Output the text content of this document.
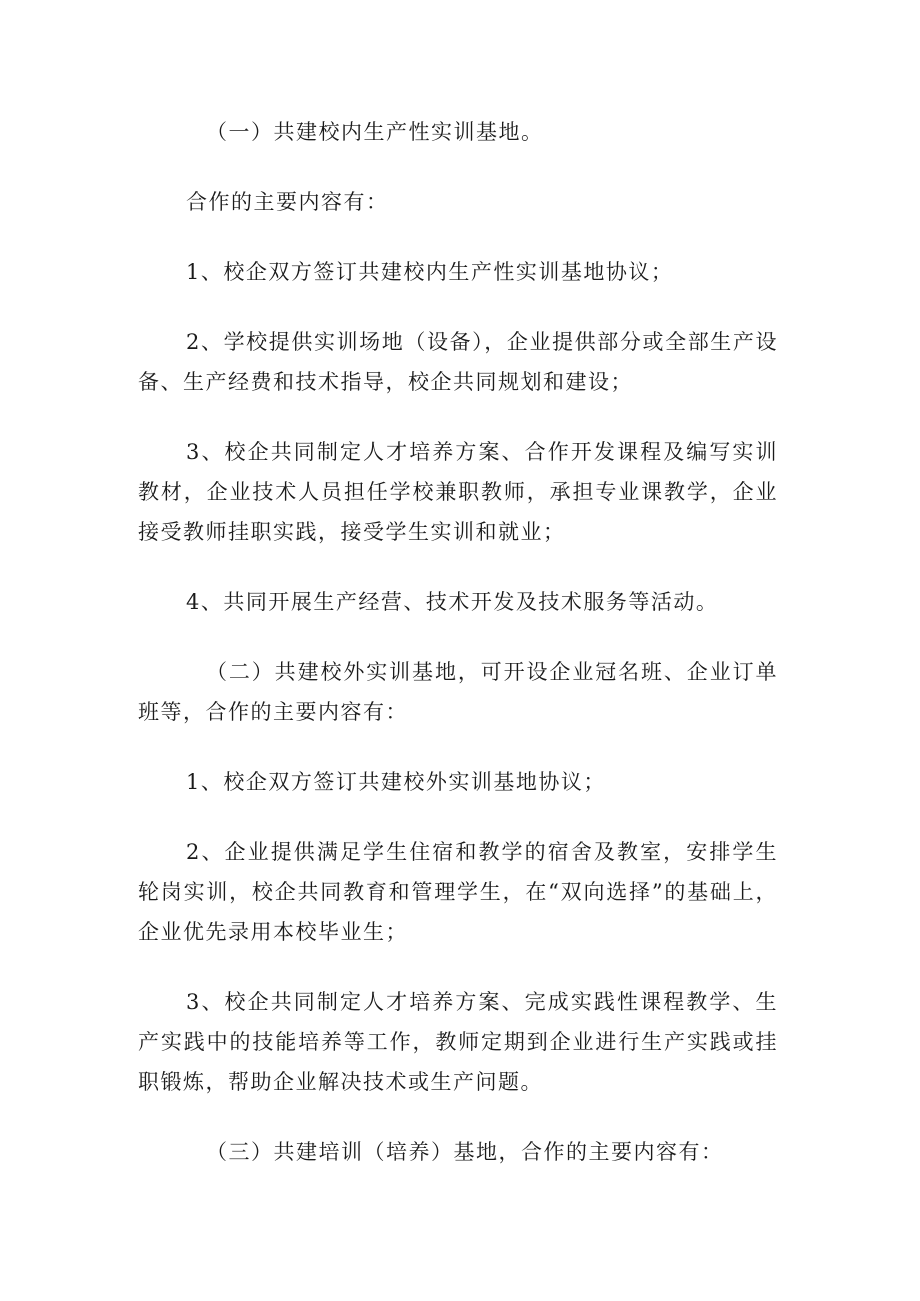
（一）共建校内生产性实训基地。

合作的主要内容有：

1、校企双方签订共建校内生产性实训基地协议；

2、学校提供实训场地（设备），企业提供部分或全部生产设备、生产经费和技术指导，校企共同规划和建设；

3、校企共同制定人才培养方案、合作开发课程及编写实训教材，企业技术人员担任学校兼职教师，承担专业课教学，企业接受教师挂职实践，接受学生实训和就业；

4、共同开展生产经营、技术开发及技术服务等活动。

（二）共建校外实训基地，可开设企业冠名班、企业订单班等，合作的主要内容有：

1、校企双方签订共建校外实训基地协议；

2、企业提供满足学生住宿和教学的宿舍及教室，安排学生轮岗实训，校企共同教育和管理学生，在“双向选择”的基础上，企业优先录用本校毕业生；

3、校企共同制定人才培养方案、完成实践性课程教学、生产实践中的技能培养等工作，教师定期到企业进行生产实践或挂职锻炼，帮助企业解决技术或生产问题。

（三）共建培训（培养）基地，合作的主要内容有：
